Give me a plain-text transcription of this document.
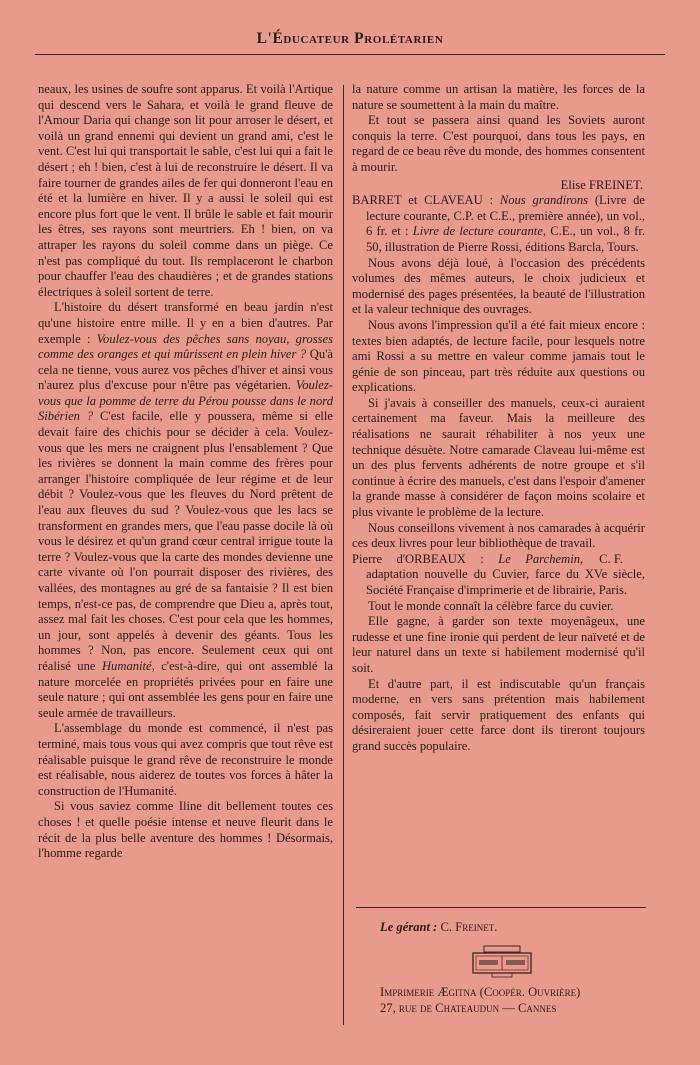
L'Éducateur Prolétarien

neaux, les usines de soufre sont apparus. Et voilà l'Artique qui descend vers le Sahara, et voilà le grand fleuve de l'Amour Daria qui change son lit pour arroser le désert, et voilà un grand ennemi qui devient un grand ami, c'est le vent. C'est lui qui transportait le sable, c'est lui qui a fait le désert ; eh ! bien, c'est à lui de reconstruire le désert. Il va faire tourner de grandes ailes de fer qui donneront l'eau en été et la lumière en hiver. Il y a aussi le soleil qui est encore plus fort que le vent. Il brûle le sable et fait mourir les êtres, ses rayons sont meurtriers. Eh ! bien, on va attraper les rayons du soleil comme dans un piège. Ce n'est pas compliqué du tout. Ils remplaceront le charbon pour chauffer l'eau des chaudières ; et de grandes stations électriques à soleil sortent de terre.

L'histoire du désert transformé en beau jardin n'est qu'une histoire entre mille. Il y en a bien d'autres. Par exemple : Voulez-vous des pêches sans noyau, grosses comme des oranges et qui mûrissent en plein hiver ? Qu'à cela ne tienne, vous aurez vos pêches d'hiver et ainsi vous n'aurez plus d'excuse pour n'être pas végétarien. Voulez-vous que la pomme de terre du Pérou pousse dans le nord Sibérien ? C'est facile, elle y poussera, même si elle devait faire des chichis pour se décider à cela. Voulez-vous que les mers ne craignent plus l'ensablement ? Que les rivières se donnent la main comme des frères pour arranger l'histoire compliquée de leur régime et de leur débit ? Voulez-vous que les fleuves du Nord prêtent de l'eau aux fleuves du sud ? Voulez-vous que les lacs se transforment en grandes mers, que l'eau passe docile là où vous le désirez et qu'un grand cœur central irrigue toute la terre ? Voulez-vous que la carte des mondes devienne une carte vivante où l'on pourrait disposer des rivières, des vallées, des montagnes au gré de sa fantaisie ? Il est bien temps, n'est-ce pas, de comprendre que Dieu a, après tout, assez mal fait les choses. C'est pour cela que les hommes, un jour, sont appelés à devenir des géants. Tous les hommes ? Non, pas encore. Seulement ceux qui ont réalisé une Humanité, c'est-à-dire, qui ont assemblé la nature morcelée en propriétés privées pour en faire une seule nature ; qui ont assemblée les gens pour en faire une seule armée de travailleurs.

L'assemblage du monde est commencé, il n'est pas terminé, mais tous vous qui avez compris que tout rêve est réalisable puisque le grand rêve de reconstruire le monde est réalisable, nous aiderez de toutes vos forces à hâter la construction de l'Humanité.

Si vous saviez comme Iline dit bellement toutes ces choses ! et quelle poésie intense et neuve fleurit dans le récit de la plus belle aventure des hommes ! Désormais, l'homme regarde

la nature comme un artisan la matière, les forces de la nature se soumettent à la main du maître.

Et tout se passera ainsi quand les Soviets auront conquis la terre. C'est pourquoi, dans tous les pays, en regard de ce beau rêve du monde, des hommes consentent à mourir.

Elise FREINET.

BARRET et CLAVEAU : Nous grandirons (Livre de lecture courante, C.P. et C.E., première année), un vol., 6 fr. et : Livre de lecture courante, C.E., un vol., 8 fr. 50, illustration de Pierre Rossi, éditions Barcla, Tours.

Nous avons déjà loué, à l'occasion des précédents volumes des mêmes auteurs, le choix judicieux et modernisé des pages présentées, la beauté de l'illustration et la valeur technique des ouvrages.

Nous avons l'impression qu'il a été fait mieux encore : textes bien adaptés, de lecture facile, pour lesquels notre ami Rossi a su mettre en valeur comme jamais tout le génie de son pinceau, part très réduite aux questions ou explications.

Si j'avais à conseiller des manuels, ceux-ci auraient certainement ma faveur. Mais la meilleure des réalisations ne saurait réhabiliter à nos yeux une technique désuète. Notre camarade Claveau lui-même est un des plus fervents adhérents de notre groupe et s'il continue à écrire des manuels, c'est dans l'espoir d'amener la grande masse à considérer de façon moins scolaire et plus vivante le problème de la lecture.

Nous conseillons vivement à nos camarades à acquérir ces deux livres pour leur bibliothèque de travail.
C. F.

Pierre d'ORBEAUX : Le Parchemin, adaptation nouvelle du Cuvier, farce du XVe siècle, Société Française d'imprimerie et de librairie, Paris.

Tout le monde connaît la célèbre farce du cuvier.

Elle gagne, à garder son texte moyenâgeux, une rudesse et une fine ironie qui perdent de leur naïveté et de leur naturel dans un texte si habilement modernisé qu'il soit.

Et d'autre part, il est indiscutable qu'un français moderne, en vers sans prétention mais habilement composés, fait servir pratiquement des enfants qui désireraient jouer cette farce dont ils tireront toujours grand succès populaire.

Le gérant : C. Freinet.
Imprimerie Ægitna (Coopér. Ouvrière)
27, rue de Chateaudun — Cannes
